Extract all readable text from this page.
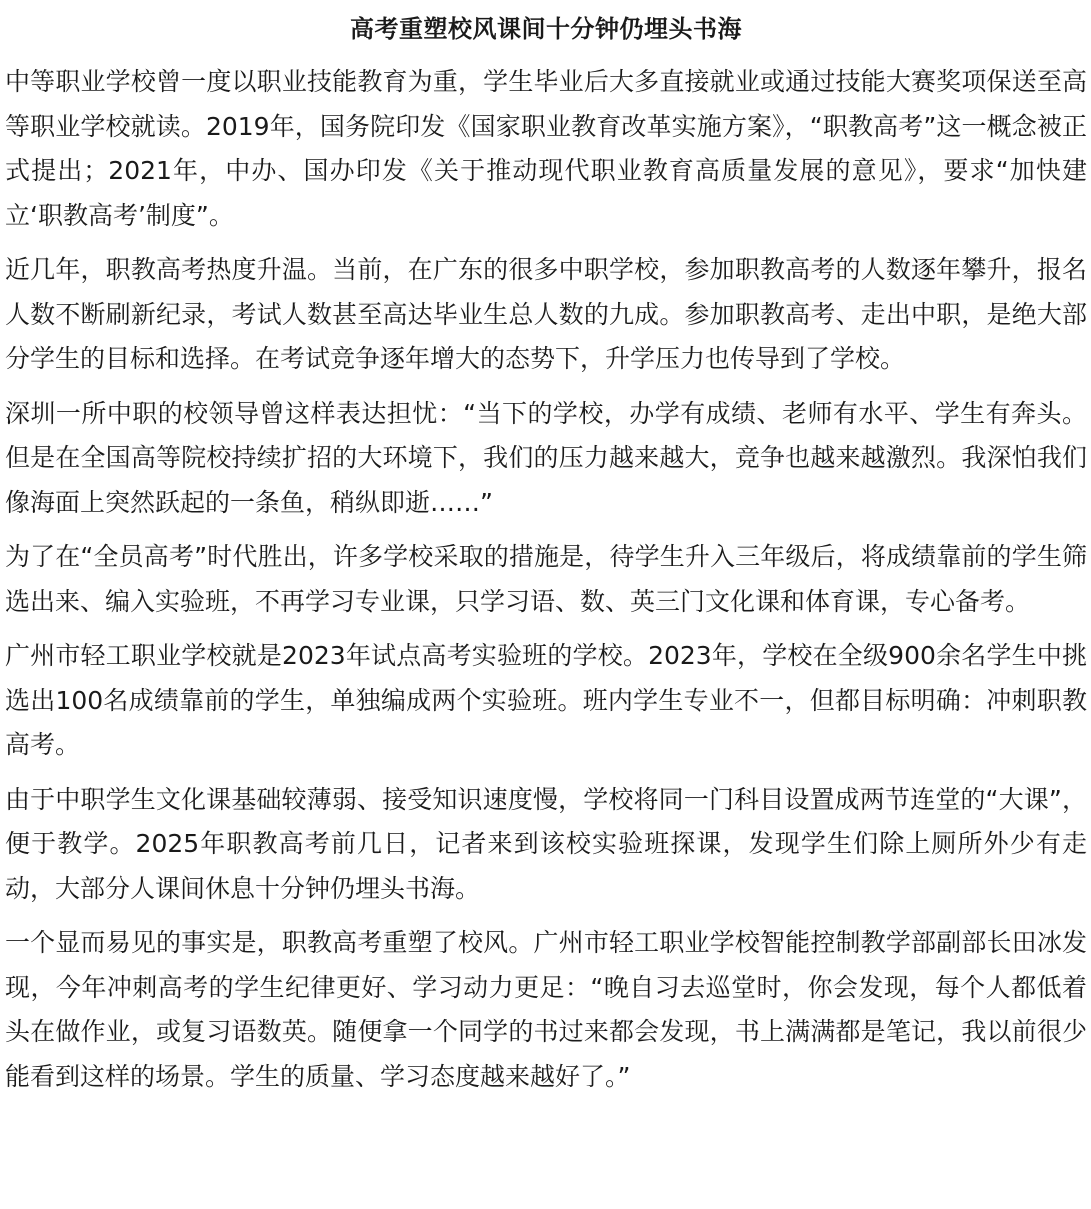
高考重塑校风课间十分钟仍埋头书海

中等职业学校曾一度以职业技能教育为重，学生毕业后大多直接就业或通过技能大赛奖项保送至高等职业学校就读。2019年，国务院印发《国家职业教育改革实施方案》，“职教高考”这一概念被正式提出；2021年，中办、国办印发《关于推动现代职业教育高质量发展的意见》，要求“加快建立‘职教高考’制度”。

近几年，职教高考热度升温。当前，在广东的很多中职学校，参加职教高考的人数逐年攀升，报名人数不断刷新纪录，考试人数甚至高达毕业生总人数的九成。参加职教高考、走出中职，是绝大部分学生的目标和选择。在考试竞争逐年增大的态势下，升学压力也传导到了学校。

深圳一所中职的校领导曾这样表达担忧：“当下的学校，办学有成绩、老师有水平、学生有奔头。但是在全国高等院校持续扩招的大环境下，我们的压力越来越大，竞争也越来越激烈。我深怕我们像海面上突然跃起的一条鱼，稍纵即逝……”

为了在“全员高考”时代胜出，许多学校采取的措施是，待学生升入三年级后，将成绩靠前的学生筛选出来、编入实验班，不再学习专业课，只学习语、数、英三门文化课和体育课，专心备考。

广州市轻工职业学校就是2023年试点高考实验班的学校。2023年，学校在全级900余名学生中挑选出100名成绩靠前的学生，单独编成两个实验班。班内学生专业不一，但都目标明确：冲刺职教高考。

由于中职学生文化课基础较薄弱、接受知识速度慢，学校将同一门科目设置成两节连堂的“大课”，便于教学。2025年职教高考前几日，记者来到该校实验班探课，发现学生们除上厕所外少有走动，大部分人课间休息十分钟仍埋头书海。

一个显而易见的事实是，职教高考重塑了校风。广州市轻工职业学校智能控制教学部副部长田冰发现，今年冲刺高考的学生纪律更好、学习动力更足：“晚自习去巡堂时，你会发现，每个人都低着头在做作业，或复习语数英。随便拿一个同学的书过来都会发现，书上满满都是笔记，我以前很少能看到这样的场景。学生的质量、学习态度越来越好了。”
